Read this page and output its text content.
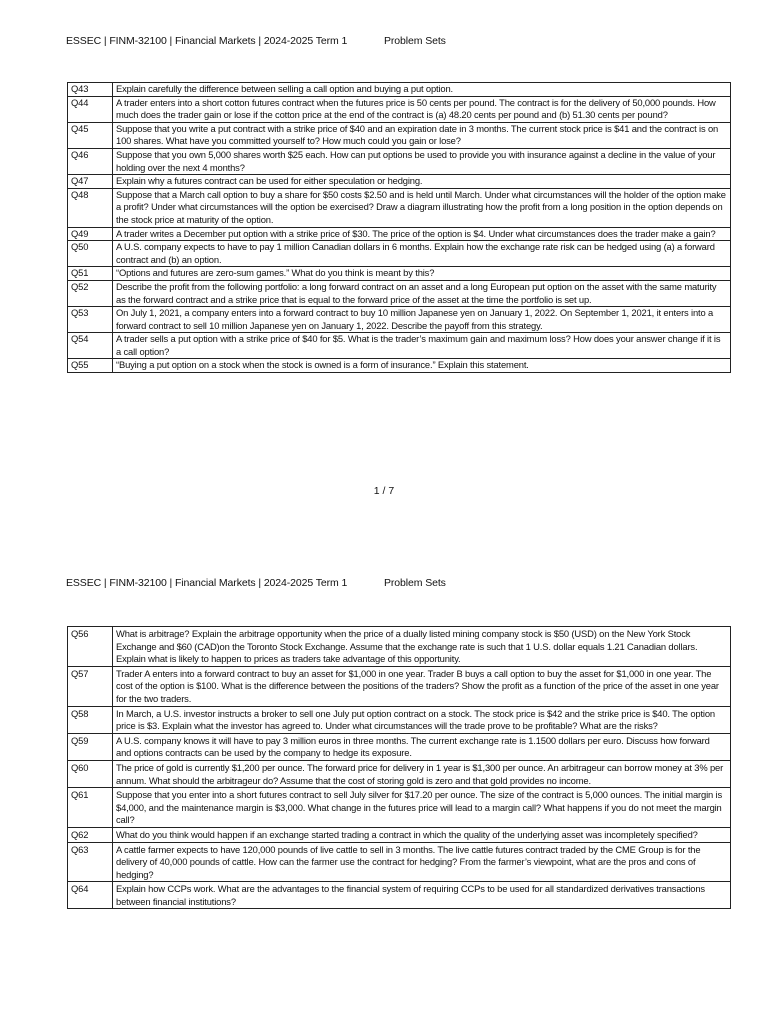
ESSEC | FINM-32100 | Financial Markets | 2024-2025 Term 1	Problem Sets
Q43	Explain carefully the difference between selling a call option and buying a put option.
Q44	A trader enters into a short cotton futures contract when the futures price is 50 cents per pound. The contract is for the delivery of 50,000 pounds. How much does the trader gain or lose if the cotton price at the end of the contract is (a) 48.20 cents per pound and (b) 51.30 cents per pound?
Q45	Suppose that you write a put contract with a strike price of $40 and an expiration date in 3 months. The current stock price is $41 and the contract is on 100 shares. What have you committed yourself to? How much could you gain or lose?
Q46	Suppose that you own 5,000 shares worth $25 each. How can put options be used to provide you with insurance against a decline in the value of your holding over the next 4 months?
Q47	Explain why a futures contract can be used for either speculation or hedging.
Q48	Suppose that a March call option to buy a share for $50 costs $2.50 and is held until March. Under what circumstances will the holder of the option make a profit? Under what circumstances will the option be exercised? Draw a diagram illustrating how the profit from a long position in the option depends on the stock price at maturity of the option.
Q49	A trader writes a December put option with a strike price of $30. The price of the option is $4. Under what circumstances does the trader make a gain?
Q50	A U.S. company expects to have to pay 1 million Canadian dollars in 6 months. Explain how the exchange rate risk can be hedged using (a) a forward contract and (b) an option.
Q51	“Options and futures are zero-sum games.” What do you think is meant by this?
Q52	Describe the profit from the following portfolio: a long forward contract on an asset and a long European put option on the asset with the same maturity as the forward contract and a strike price that is equal to the forward price of the asset at the time the portfolio is set up.
Q53	On July 1, 2021, a company enters into a forward contract to buy 10 million Japanese yen on January 1, 2022. On September 1, 2021, it enters into a forward contract to sell 10 million Japanese yen on January 1, 2022. Describe the payoff from this strategy.
Q54	A trader sells a put option with a strike price of $40 for $5. What is the trader’s maximum gain and maximum loss? How does your answer change if it is a call option?
Q55	“Buying a put option on a stock when the stock is owned is a form of insurance.” Explain this statement.
1 / 7
ESSEC | FINM-32100 | Financial Markets | 2024-2025 Term 1	Problem Sets
Q56	What is arbitrage? Explain the arbitrage opportunity when the price of a dually listed mining company stock is $50 (USD) on the New York Stock Exchange and $60 (CAD)on the Toronto Stock Exchange. Assume that the exchange rate is such that 1 U.S. dollar equals 1.21 Canadian dollars. Explain what is likely to happen to prices as traders take advantage of this opportunity.
Q57	Trader A enters into a forward contract to buy an asset for $1,000 in one year. Trader B buys a call option to buy the asset for $1,000 in one year. The cost of the option is $100. What is the difference between the positions of the traders? Show the profit as a function of the price of the asset in one year for the two traders.
Q58	In March, a U.S. investor instructs a broker to sell one July put option contract on a stock. The stock price is $42 and the strike price is $40. The option price is $3. Explain what the investor has agreed to. Under what circumstances will the trade prove to be profitable? What are the risks?
Q59	A U.S. company knows it will have to pay 3 million euros in three months. The current exchange rate is 1.1500 dollars per euro. Discuss how forward and options contracts can be used by the company to hedge its exposure.
Q60	The price of gold is currently $1,200 per ounce. The forward price for delivery in 1 year is $1,300 per ounce. An arbitrageur can borrow money at 3% per annum. What should the arbitrageur do? Assume that the cost of storing gold is zero and that gold provides no income.
Q61	Suppose that you enter into a short futures contract to sell July silver for $17.20 per ounce. The size of the contract is 5,000 ounces. The initial margin is $4,000, and the maintenance margin is $3,000. What change in the futures price will lead to a margin call? What happens if you do not meet the margin call?
Q62	What do you think would happen if an exchange started trading a contract in which the quality of the underlying asset was incompletely specified?
Q63	A cattle farmer expects to have 120,000 pounds of live cattle to sell in 3 months. The live cattle futures contract traded by the CME Group is for the delivery of 40,000 pounds of cattle. How can the farmer use the contract for hedging? From the farmer’s viewpoint, what are the pros and cons of hedging?
Q64	Explain how CCPs work. What are the advantages to the financial system of requiring CCPs to be used for all standardized derivatives transactions between financial institutions?
